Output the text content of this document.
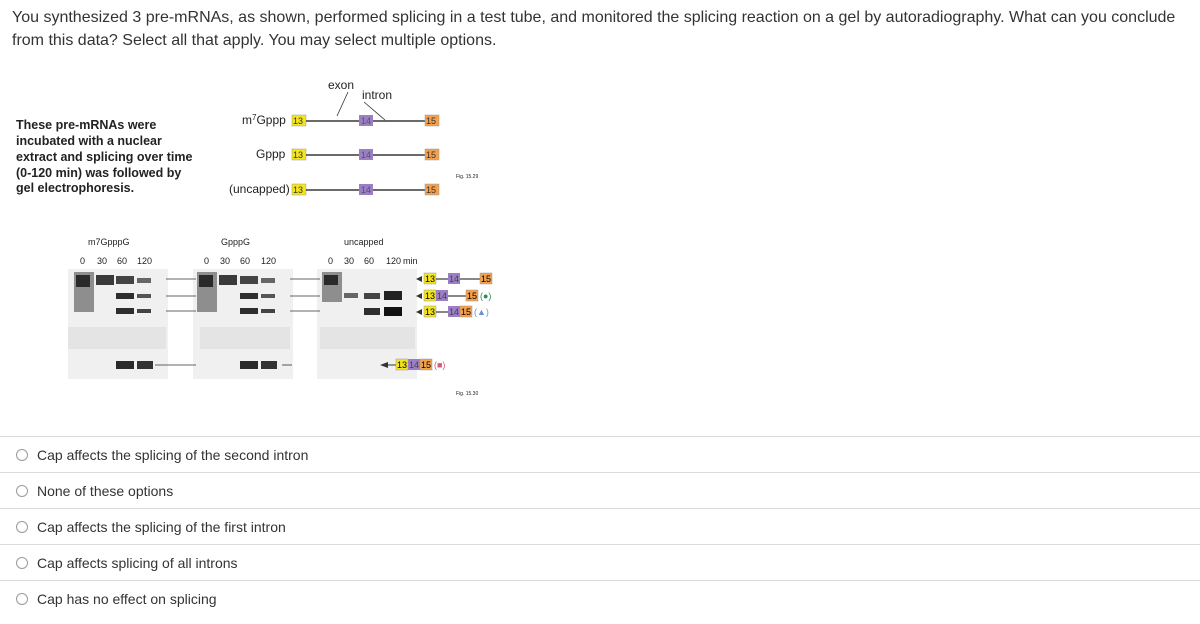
You synthesized 3 pre-mRNAs, as shown, performed splicing in a test tube, and monitored the splicing reaction on a gel by autoradiography. What can you conclude from this data? Select all that apply. You may select multiple options.
These pre-mRNAs were
incubated with a nuclear
extract and splicing over time
(0-120 min) was followed by
gel electrophoresis.
exon
intron
$m^7Gppp$ 13	14	15
Gppp 13	14	15
Fig. 15.29
(uncapped) 13	14	15
m7GpppG	GpppG	uncapped
0 30 60 120	0 30 60 120	0 30 60 120 min
13 14 15
13 14 15 (●)
13 14 15 (▲)
13 14 15 (■)
Fig. 15.30
Cap affects the splicing of the second intron
None of these options
Cap affects the splicing of the first intron
Cap affects splicing of all introns
Cap has no effect on splicing
